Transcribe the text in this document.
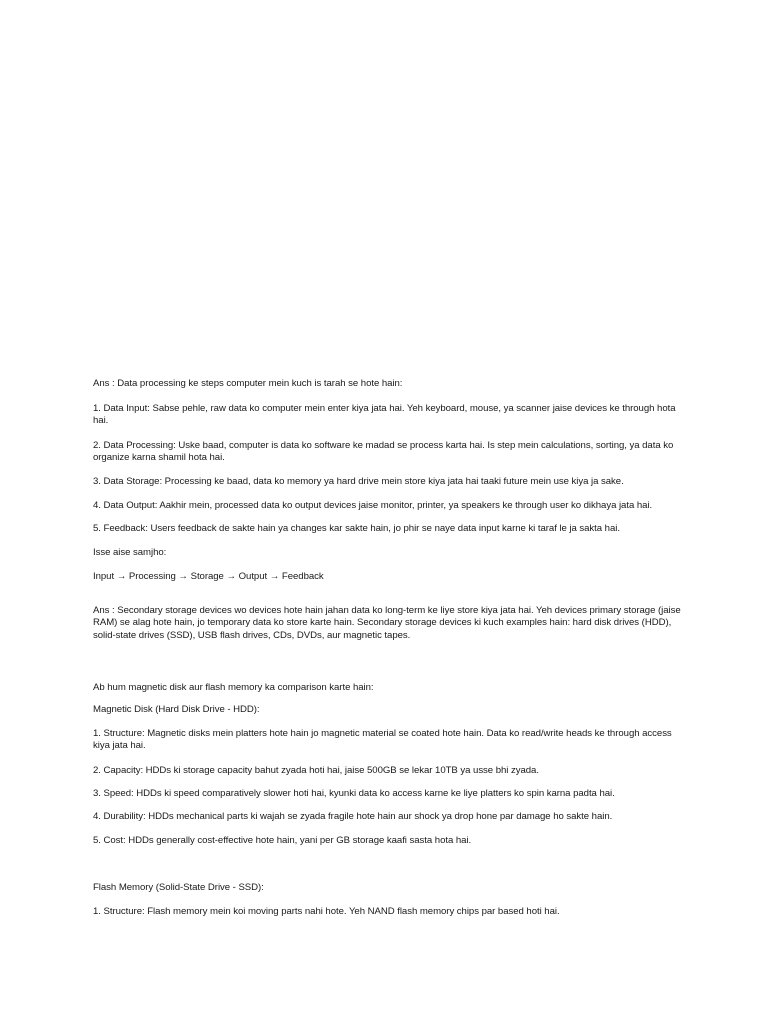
Ans : Data processing ke steps computer mein kuch is tarah se hote hain:

1. Data Input: Sabse pehle, raw data ko computer mein enter kiya jata hai. Yeh keyboard, mouse, ya scanner jaise devices ke through hota hai.

2. Data Processing: Uske baad, computer is data ko software ke madad se process karta hai. Is step mein calculations, sorting, ya data ko organize karna shamil hota hai.

3. Data Storage: Processing ke baad, data ko memory ya hard drive mein store kiya jata hai taaki future mein use kiya ja sake.

4. Data Output: Aakhir mein, processed data ko output devices jaise monitor, printer, ya speakers ke through user ko dikhaya jata hai.

5. Feedback: Users feedback de sakte hain ya changes kar sakte hain, jo phir se naye data input karne ki taraf le ja sakta hai.

Isse aise samjho:

Input → Processing → Storage → Output → Feedback

Ans : Secondary storage devices wo devices hote hain jahan data ko long-term ke liye store kiya jata hai. Yeh devices primary storage (jaise RAM) se alag hote hain, jo temporary data ko store karte hain. Secondary storage devices ki kuch examples hain: hard disk drives (HDD), solid-state drives (SSD), USB flash drives, CDs, DVDs, aur magnetic tapes.

Ab hum magnetic disk aur flash memory ka comparison karte hain:

Magnetic Disk (Hard Disk Drive - HDD):

1. Structure: Magnetic disks mein platters hote hain jo magnetic material se coated hote hain. Data ko read/write heads ke through access kiya jata hai.

2. Capacity: HDDs ki storage capacity bahut zyada hoti hai, jaise 500GB se lekar 10TB ya usse bhi zyada.

3. Speed: HDDs ki speed comparatively slower hoti hai, kyunki data ko access karne ke liye platters ko spin karna padta hai.

4. Durability: HDDs mechanical parts ki wajah se zyada fragile hote hain aur shock ya drop hone par damage ho sakte hain.

5. Cost: HDDs generally cost-effective hote hain, yani per GB storage kaafi sasta hota hai.

Flash Memory (Solid-State Drive - SSD):

1. Structure: Flash memory mein koi moving parts nahi hote. Yeh NAND flash memory chips par based hoti hai.
